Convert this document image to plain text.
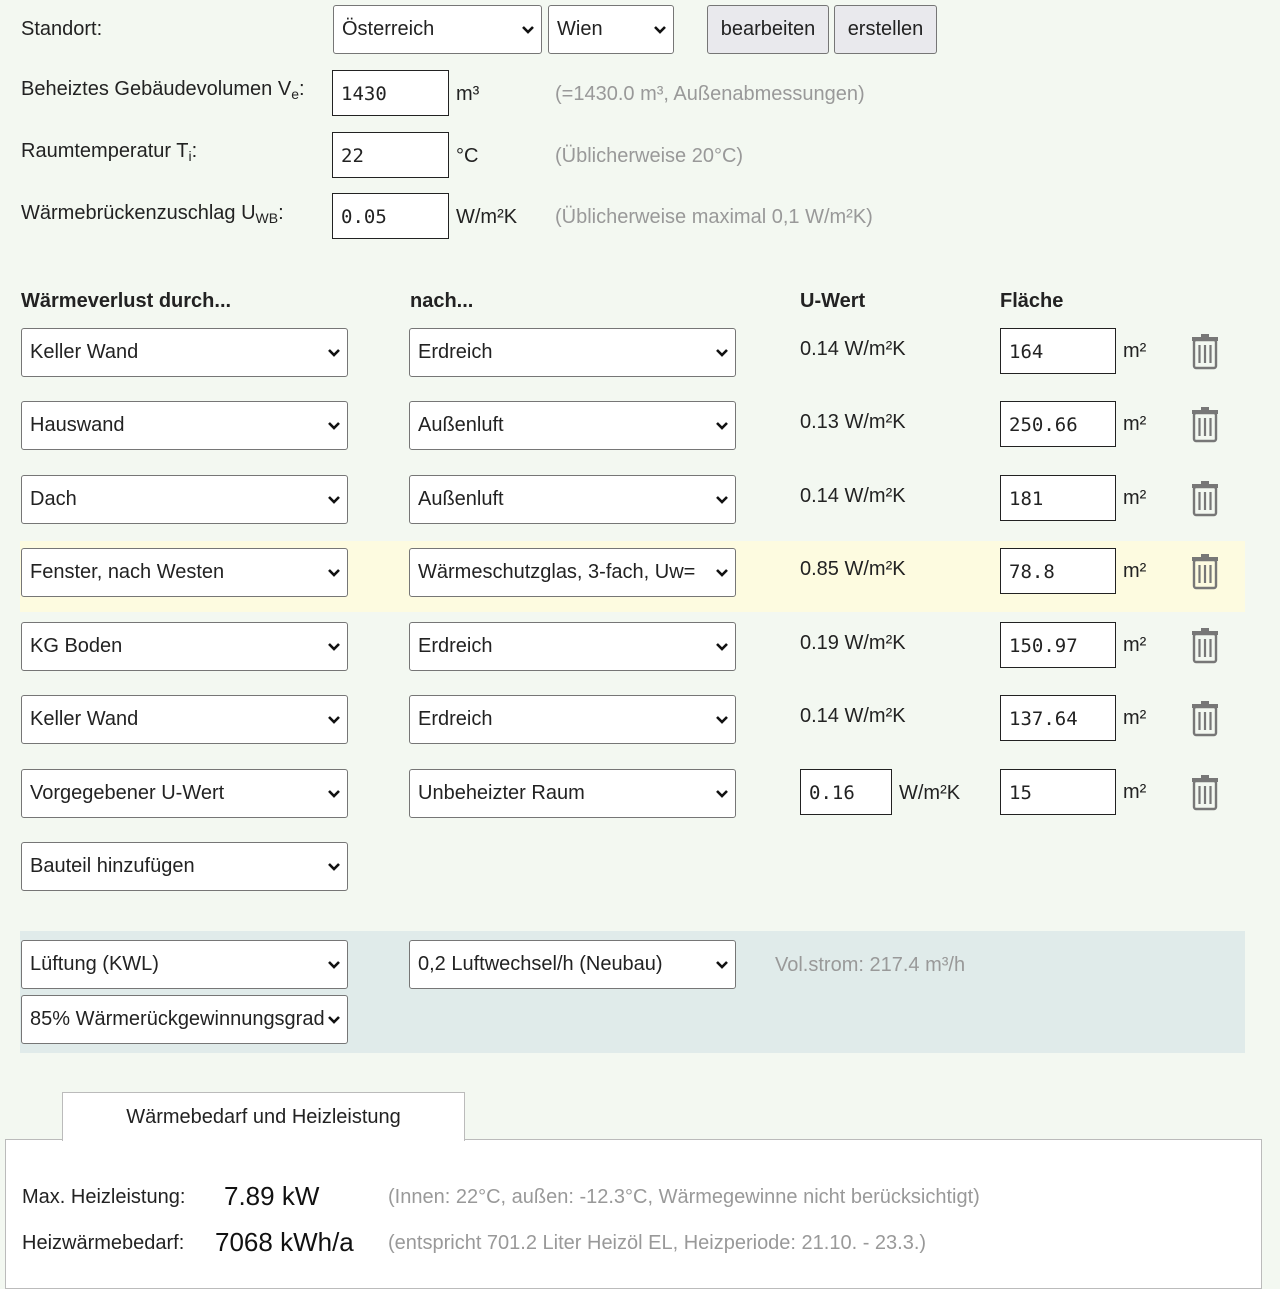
Standort:	Österreich	Wien	bearbeiten	erstellen
Beheiztes Gebäudevolumen $V_e$:	1430	m³	(=1430.0 m³, Außenabmessungen)
Raumtemperatur $T_i$:	22	°C	(Üblicherweise 20°C)
Wärmebrückenzuschlag $U_{WB}$:	0.05	W/m²K (Üblicherweise maximal 0,1 W/m²K)
Wärmeverlust durch...	nach...	U-Wert	Fläche
Keller Wand	Erdreich	0.14 W/m²K	164	m²
Hauswand	Außenluft	0.13 W/m²K	250.66	m²
Dach	Außenluft	0.14 W/m²K	181	m²
Fenster, nach Westen	Wärmeschutzglas, 3-fach, Uw=	0.85 W/m²K	78.8	m²
KG Boden	Erdreich	0.19 W/m²K	150.97	m²
Keller Wand	Erdreich	0.14 W/m²K	137.64	m²
Vorgegebener U-Wert	Unbeheizter Raum	0.16	W/m²K	15	m²
Bauteil hinzufügen
Lüftung (KWL)	0,2 Luftwechsel/h (Neubau)	Vol.strom: 217.4 m³/h
85% Wärmerückgewinnungsgrad
Wärmebedarf und Heizleistung
Max. Heizleistung: 7.89 kW	(Innen: 22°C, außen: -12.3°C, Wärmegewinne nicht berücksichtigt)
Heizwärmebedarf: 7068 kWh/a (entspricht 701.2 Liter Heizöl EL, Heizperiode: 21.10. - 23.3.)
